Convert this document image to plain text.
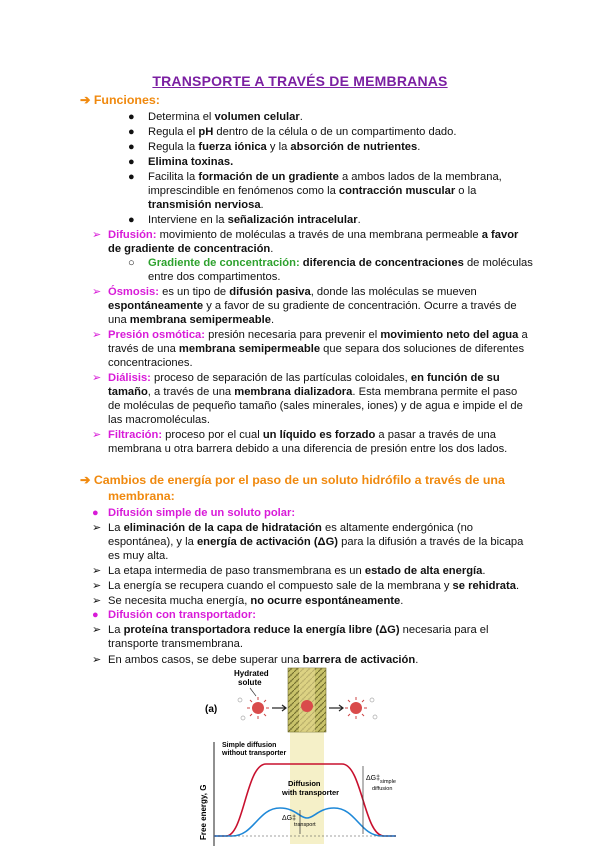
TRANSPORTE A TRAVÉS DE MEMBRANAS
➔ Funciones:
● Determina el volumen celular.
● Regula el pH dentro de la célula o de un compartimento dado.
● Regula la fuerza iónica y la absorción de nutrientes.
● Elimina toxinas.
● Facilita la formación de un gradiente a ambos lados de la membrana,
imprescindible en fenómenos como la contracción muscular o la
transmisión nerviosa.
● Interviene en la señalización intracelular.
➢ Difusión: movimiento de moléculas a través de una membrana permeable a favor
de gradiente de concentración.
○ Gradiente de concentración: diferencia de concentraciones de moléculas
entre dos compartimentos.
➢ Ósmosis: es un tipo de difusión pasiva, donde las moléculas se mueven
espontáneamente y a favor de su gradiente de concentración. Ocurre a través de
una membrana semipermeable.
➢ Presión osmótica: presión necesaria para prevenir el movimiento neto del agua a
través de una membrana semipermeable que separa dos soluciones de diferentes
concentraciones.
➢ Diálisis: proceso de separación de las partículas coloidales, en función de su
tamaño, a través de una membrana dializadora. Esta membrana permite el paso
de moléculas de pequeño tamaño (sales minerales, iones) y de agua e impide el de
las macromoléculas.
➢ Filtración: proceso por el cual un líquido es forzado a pasar a través de una
membrana u otra barrera debido a una diferencia de presión entre los dos lados.
➔ Cambios de energía por el paso de un soluto hidrófilo a través de una
membrana:
● Difusión simple de un soluto polar:
➢ La eliminación de la capa de hidratación es altamente endergónica (no
espontánea), y la energía de activación (ΔG) para la difusión a través de la bicapa
es muy alta.
➢ La etapa intermedia de paso transmembrana es un estado de alta energía.
➢ La energía se recupera cuando el compuesto sale de la membrana y se rehidrata.
➢ Se necesita mucha energía, no ocurre espontáneamente.
● Difusión con transportador:
➢ La proteína transportadora reduce la energía libre (ΔG) necesaria para el
transporte transmembrana.
➢ En ambos casos, se debe superar una barrera de activación.
(a)
Hydrated
solute
Free energy, G
Simple diffusion
without transporter
Diffusion
with transporter
ΔG‡ simple
diffusion
ΔG‡
transport
